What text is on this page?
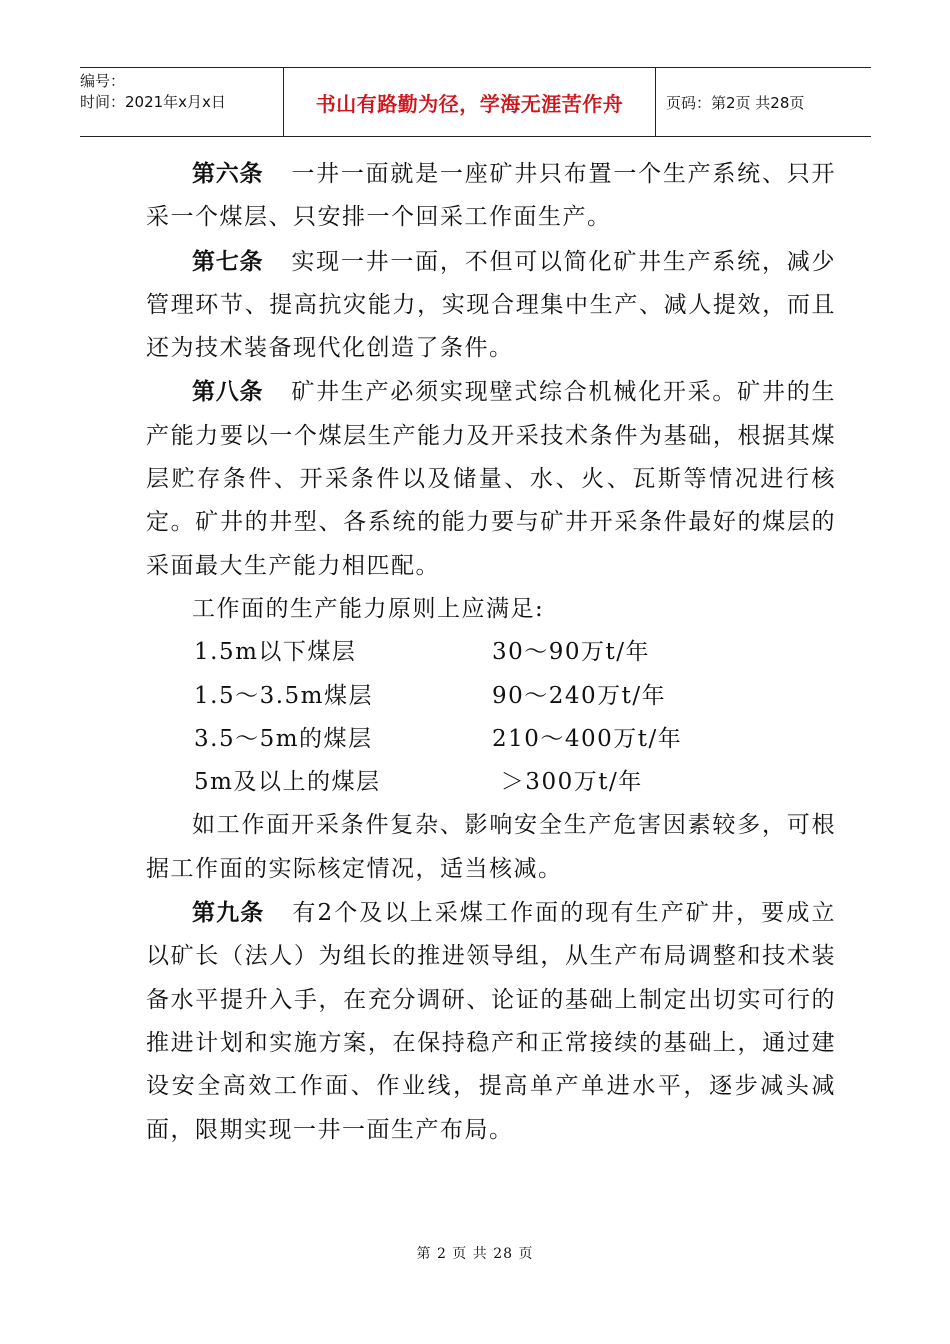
编号：
时间：2021年x月x日	书山有路勤为径，学海无涯苦作舟	页码：第2页 共28页

第六条 一井一面就是一座矿井只布置一个生产系统、只开采一个煤层、只安排一个回采工作面生产。

第七条 实现一井一面，不但可以简化矿井生产系统，减少管理环节、提高抗灾能力，实现合理集中生产、减人提效，而且还为技术装备现代化创造了条件。

第八条 矿井生产必须实现壁式综合机械化开采。矿井的生产能力要以一个煤层生产能力及开采技术条件为基础，根据其煤层贮存条件、开采条件以及储量、水、火、瓦斯等情况进行核定。矿井的井型、各系统的能力要与矿井开采条件最好的煤层的采面最大生产能力相匹配。

工作面的生产能力原则上应满足:

1.5m以下煤层	30～90万t/年
1.5～3.5m煤层	90～240万t/年
3.5～5m的煤层	210～400万t/年
5m及以上的煤层	＞300万t/年

如工作面开采条件复杂、影响安全生产危害因素较多，可根据工作面的实际核定情况，适当核减。

第九条 有2个及以上采煤工作面的现有生产矿井，要成立以矿长（法人）为组长的推进领导组，从生产布局调整和技术装备水平提升入手，在充分调研、论证的基础上制定出切实可行的推进计划和实施方案，在保持稳产和正常接续的基础上，通过建设安全高效工作面、作业线，提高单产单进水平，逐步减头减面，限期实现一井一面生产布局。

第 2 页 共 28 页
